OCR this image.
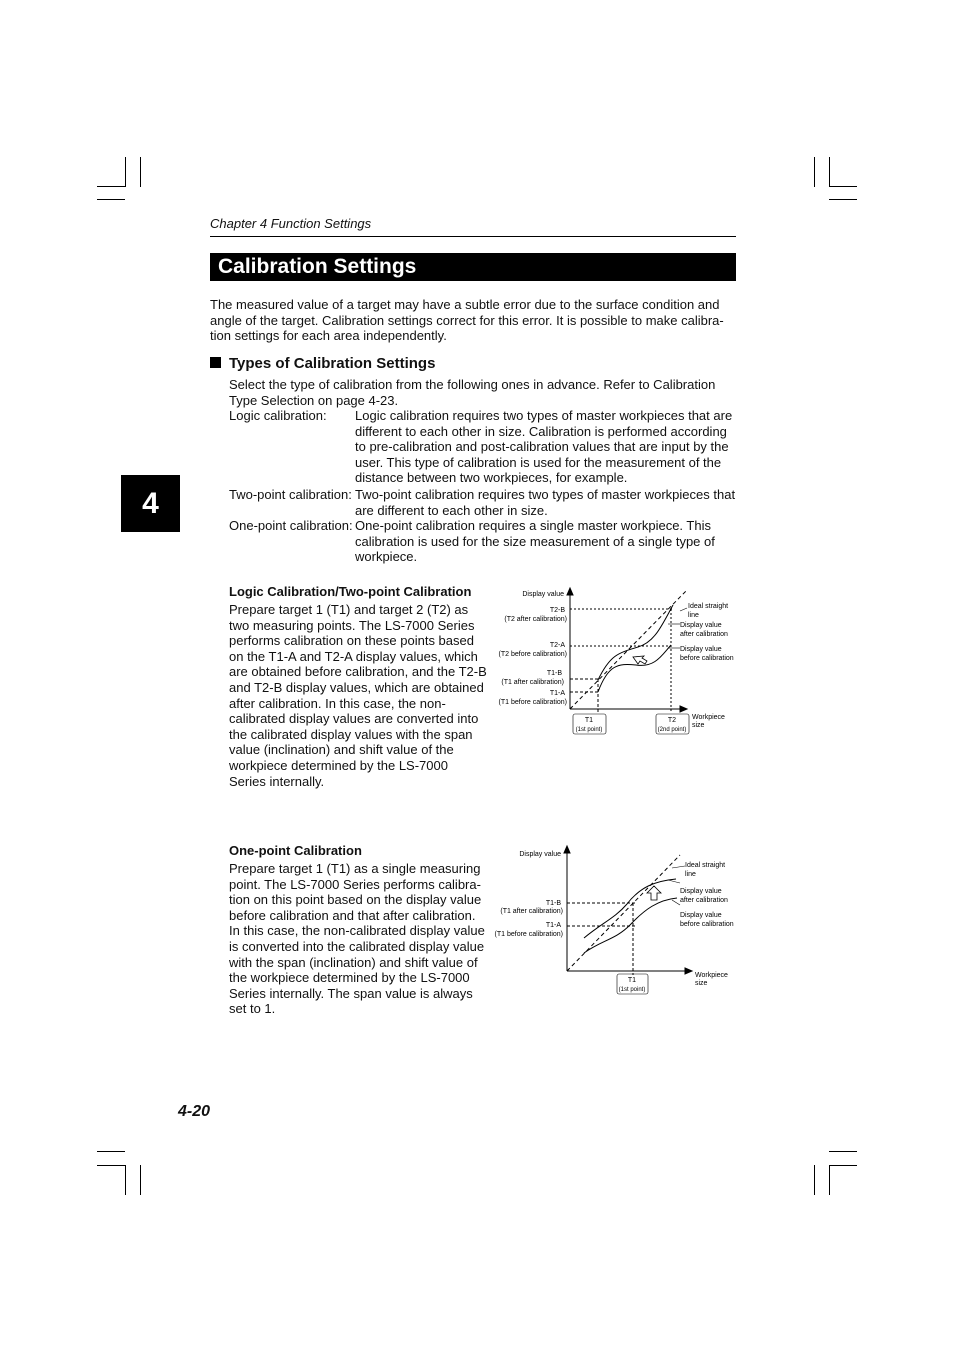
Chapter 4 Function Settings
Calibration Settings
4

The measured value of a target may have a subtle error due to the surface condition and angle of the target. Calibration settings correct for this error. It is possible to make calibra-tion settings for each area independently.

Types of Calibration Settings

Select the type of calibration from the following ones in advance. Refer to Calibration Type Selection on page 4-23.

Logic calibration: Logic calibration requires two types of master workpieces that are different to each other in size. Calibration is performed according to pre-calibration and post-calibration values that are input by the user. This type of calibration is used for the measurement of the distance between two workpieces, for example.
Two-point calibration: Two-point calibration requires two types of master workpieces that are different to each other in size.
One-point calibration: One-point calibration requires a single master workpiece. This calibration is used for the size measurement of a single type of workpiece.
Logic Calibration/Two-point Calibration

Prepare target 1 (T1) and target 2 (T2) as two measuring points. The LS-7000 Series performs calibration on these points based on the T1-A and T2-A display values, which are obtained before calibration, and the T2-B and T2-B display values, which are obtained after calibration. In this case, the non-calibrated display values are converted into the calibrated display values with the span value (inclination) and shift value of the workpiece determined by the LS-7000 Series internally.

One-point Calibration

Prepare target 1 (T1) as a single measuring point. The LS-7000 Series performs calibra-tion on this point based on the display value before calibration and that after calibration. In this case, the non-calibrated display value is converted into the calibrated display value with the span (inclination) and shift value of the workpiece determined by the LS-7000 Series internally. The span value is always set to 1.

Display value
T2-B
(T2 after calibration)
T2-A
(T2 before calibration)
T1-B
(T1 after calibration)
T1-A
(T1 before calibration)
Ideal straight
line
Display value
after calibration
Display value
before calibration
Workpiece
size
T1
(1st point)
T2
(2nd point)
Display value
T1-B
(T1 after calibration)
T1-A
(T1 before calibration)
Ideal straight
line
Display value
after calibration
Display value
before calibration
Workpiece
size
T1
(1st point)
4-20
